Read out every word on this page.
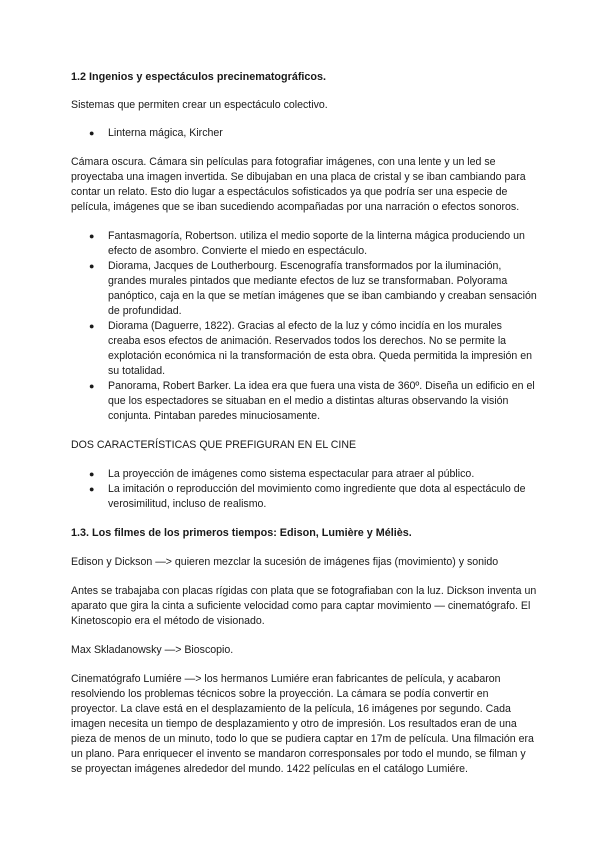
1.2 Ingenios y espectáculos precinematográficos.

Sistemas que permiten crear un espectáculo colectivo.

● Linterna mágica, Kircher

Cámara oscura. Cámara sin películas para fotografiar imágenes, con una lente y un led se proyectaba una imagen invertida. Se dibujaban en una placa de cristal y se iban cambiando para contar un relato. Esto dio lugar a espectáculos sofisticados ya que podría ser una especie de película, imágenes que se iban sucediendo acompañadas por una narración o efectos sonoros.

● Fantasmagoría, Robertson. utiliza el medio soporte de la linterna mágica produciendo un efecto de asombro. Convierte el miedo en espectáculo.
● Diorama, Jacques de Loutherbourg. Escenografía transformados por la iluminación, grandes murales pintados que mediante efectos de luz se transformaban. Polyorama panóptico, caja en la que se metían imágenes que se iban cambiando y creaban sensación de profundidad.
● Diorama (Daguerre, 1822). Gracias al efecto de la luz y cómo incidía en los murales creaba esos efectos de animación. Reservados todos los derechos. No se permite la explotación económica ni la transformación de esta obra. Queda permitida la impresión en su totalidad.
● Panorama, Robert Barker. La idea era que fuera una vista de 360º. Diseña un edificio en el que los espectadores se situaban en el medio a distintas alturas observando la visión conjunta. Pintaban paredes minuciosamente.

DOS CARACTERÍSTICAS QUE PREFIGURAN EN EL CINE

● La proyección de imágenes como sistema espectacular para atraer al público.
● La imitación o reproducción del movimiento como ingrediente que dota al espectáculo de verosimilitud, incluso de realismo.
1.3. Los filmes de los primeros tiempos: Edison, Lumière y Méliès.

Edison y Dickson —> quieren mezclar la sucesión de imágenes fijas (movimiento) y sonido

Antes se trabajaba con placas rígidas con plata que se fotografiaban con la luz. Dickson inventa un aparato que gira la cinta a suficiente velocidad como para captar movimiento — cinematógrafo. El Kinetoscopio era el método de visionado.

Max Skladanowsky —> Bioscopio.

Cinematógrafo Lumiére —> los hermanos Lumiére eran fabricantes de película, y acabaron resolviendo los problemas técnicos sobre la proyección. La cámara se podía convertir en proyector. La clave está en el desplazamiento de la película, 16 imágenes por segundo. Cada imagen necesita un tiempo de desplazamiento y otro de impresión. Los resultados eran de una pieza de menos de un minuto, todo lo que se pudiera captar en 17m de película. Una filmación era un plano. Para enriquecer el invento se mandaron corresponsales por todo el mundo, se filman y se proyectan imágenes alrededor del mundo. 1422 películas en el catálogo Lumiére.
